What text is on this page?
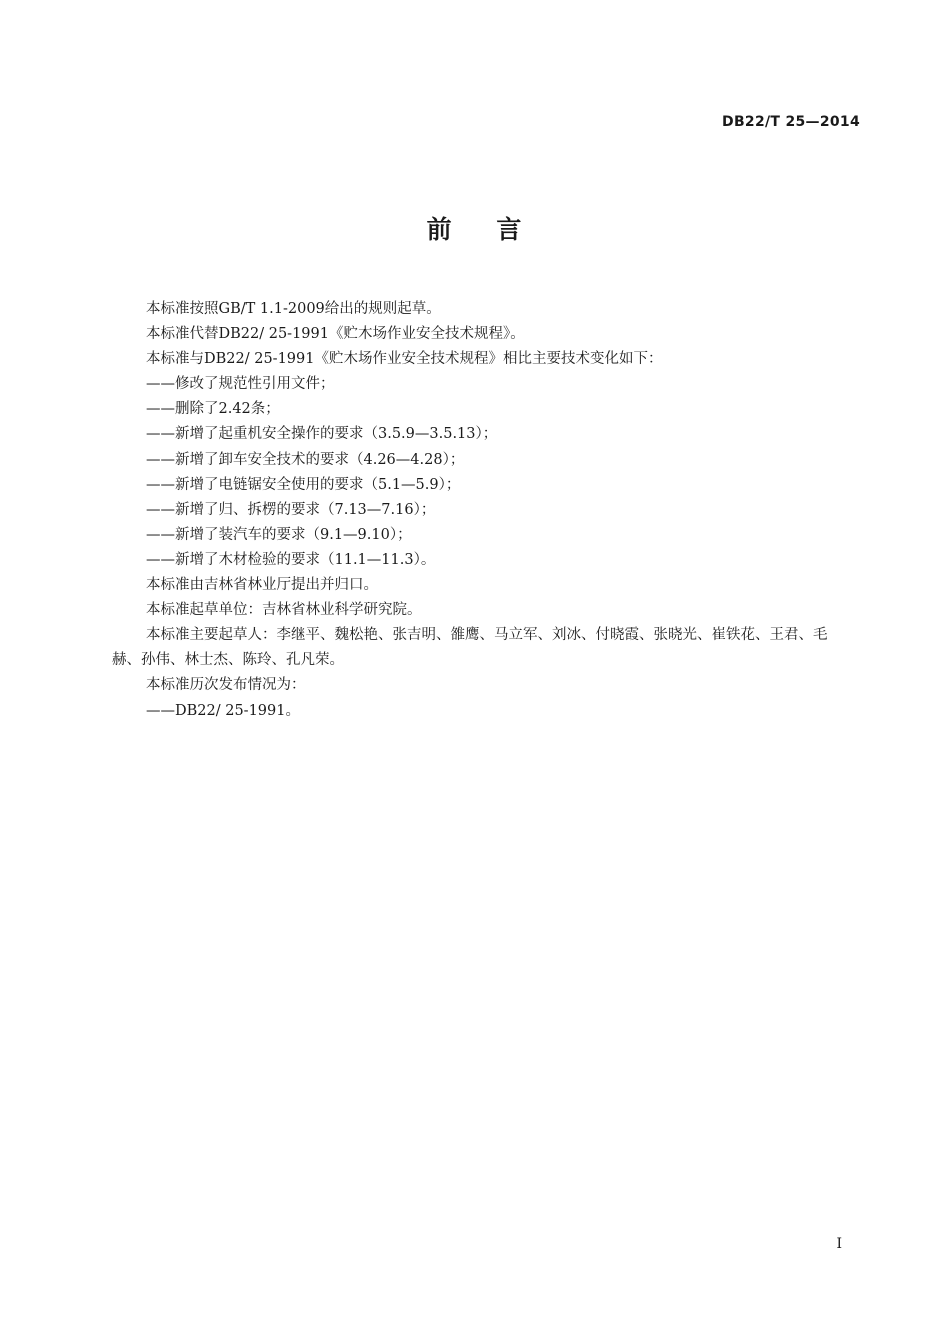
DB22/T 25—2014
前    言

本标准按照GB/T 1.1-2009给出的规则起草。

本标准代替DB22/ 25-1991《贮木场作业安全技术规程》。

本标准与DB22/ 25-1991《贮木场作业安全技术规程》相比主要技术变化如下：

——修改了规范性引用文件；

——删除了2.42条；

——新增了起重机安全操作的要求（3.5.9—3.5.13）；

——新增了卸车安全技术的要求（4.26—4.28）；

——新增了电链锯安全使用的要求（5.1—5.9）；

——新增了归、拆楞的要求（7.13—7.16）；

——新增了装汽车的要求（9.1—9.10）；

——新增了木材检验的要求（11.1—11.3）。

本标准由吉林省林业厅提出并归口。

本标准起草单位：吉林省林业科学研究院。

本标准主要起草人：李继平、魏松艳、张吉明、雒鹰、马立军、刘冰、付晓霞、张晓光、崔铁花、王君、毛赫、孙伟、林士杰、陈玲、孔凡荣。

本标准历次发布情况为：

——DB22/ 25-1991。

I
